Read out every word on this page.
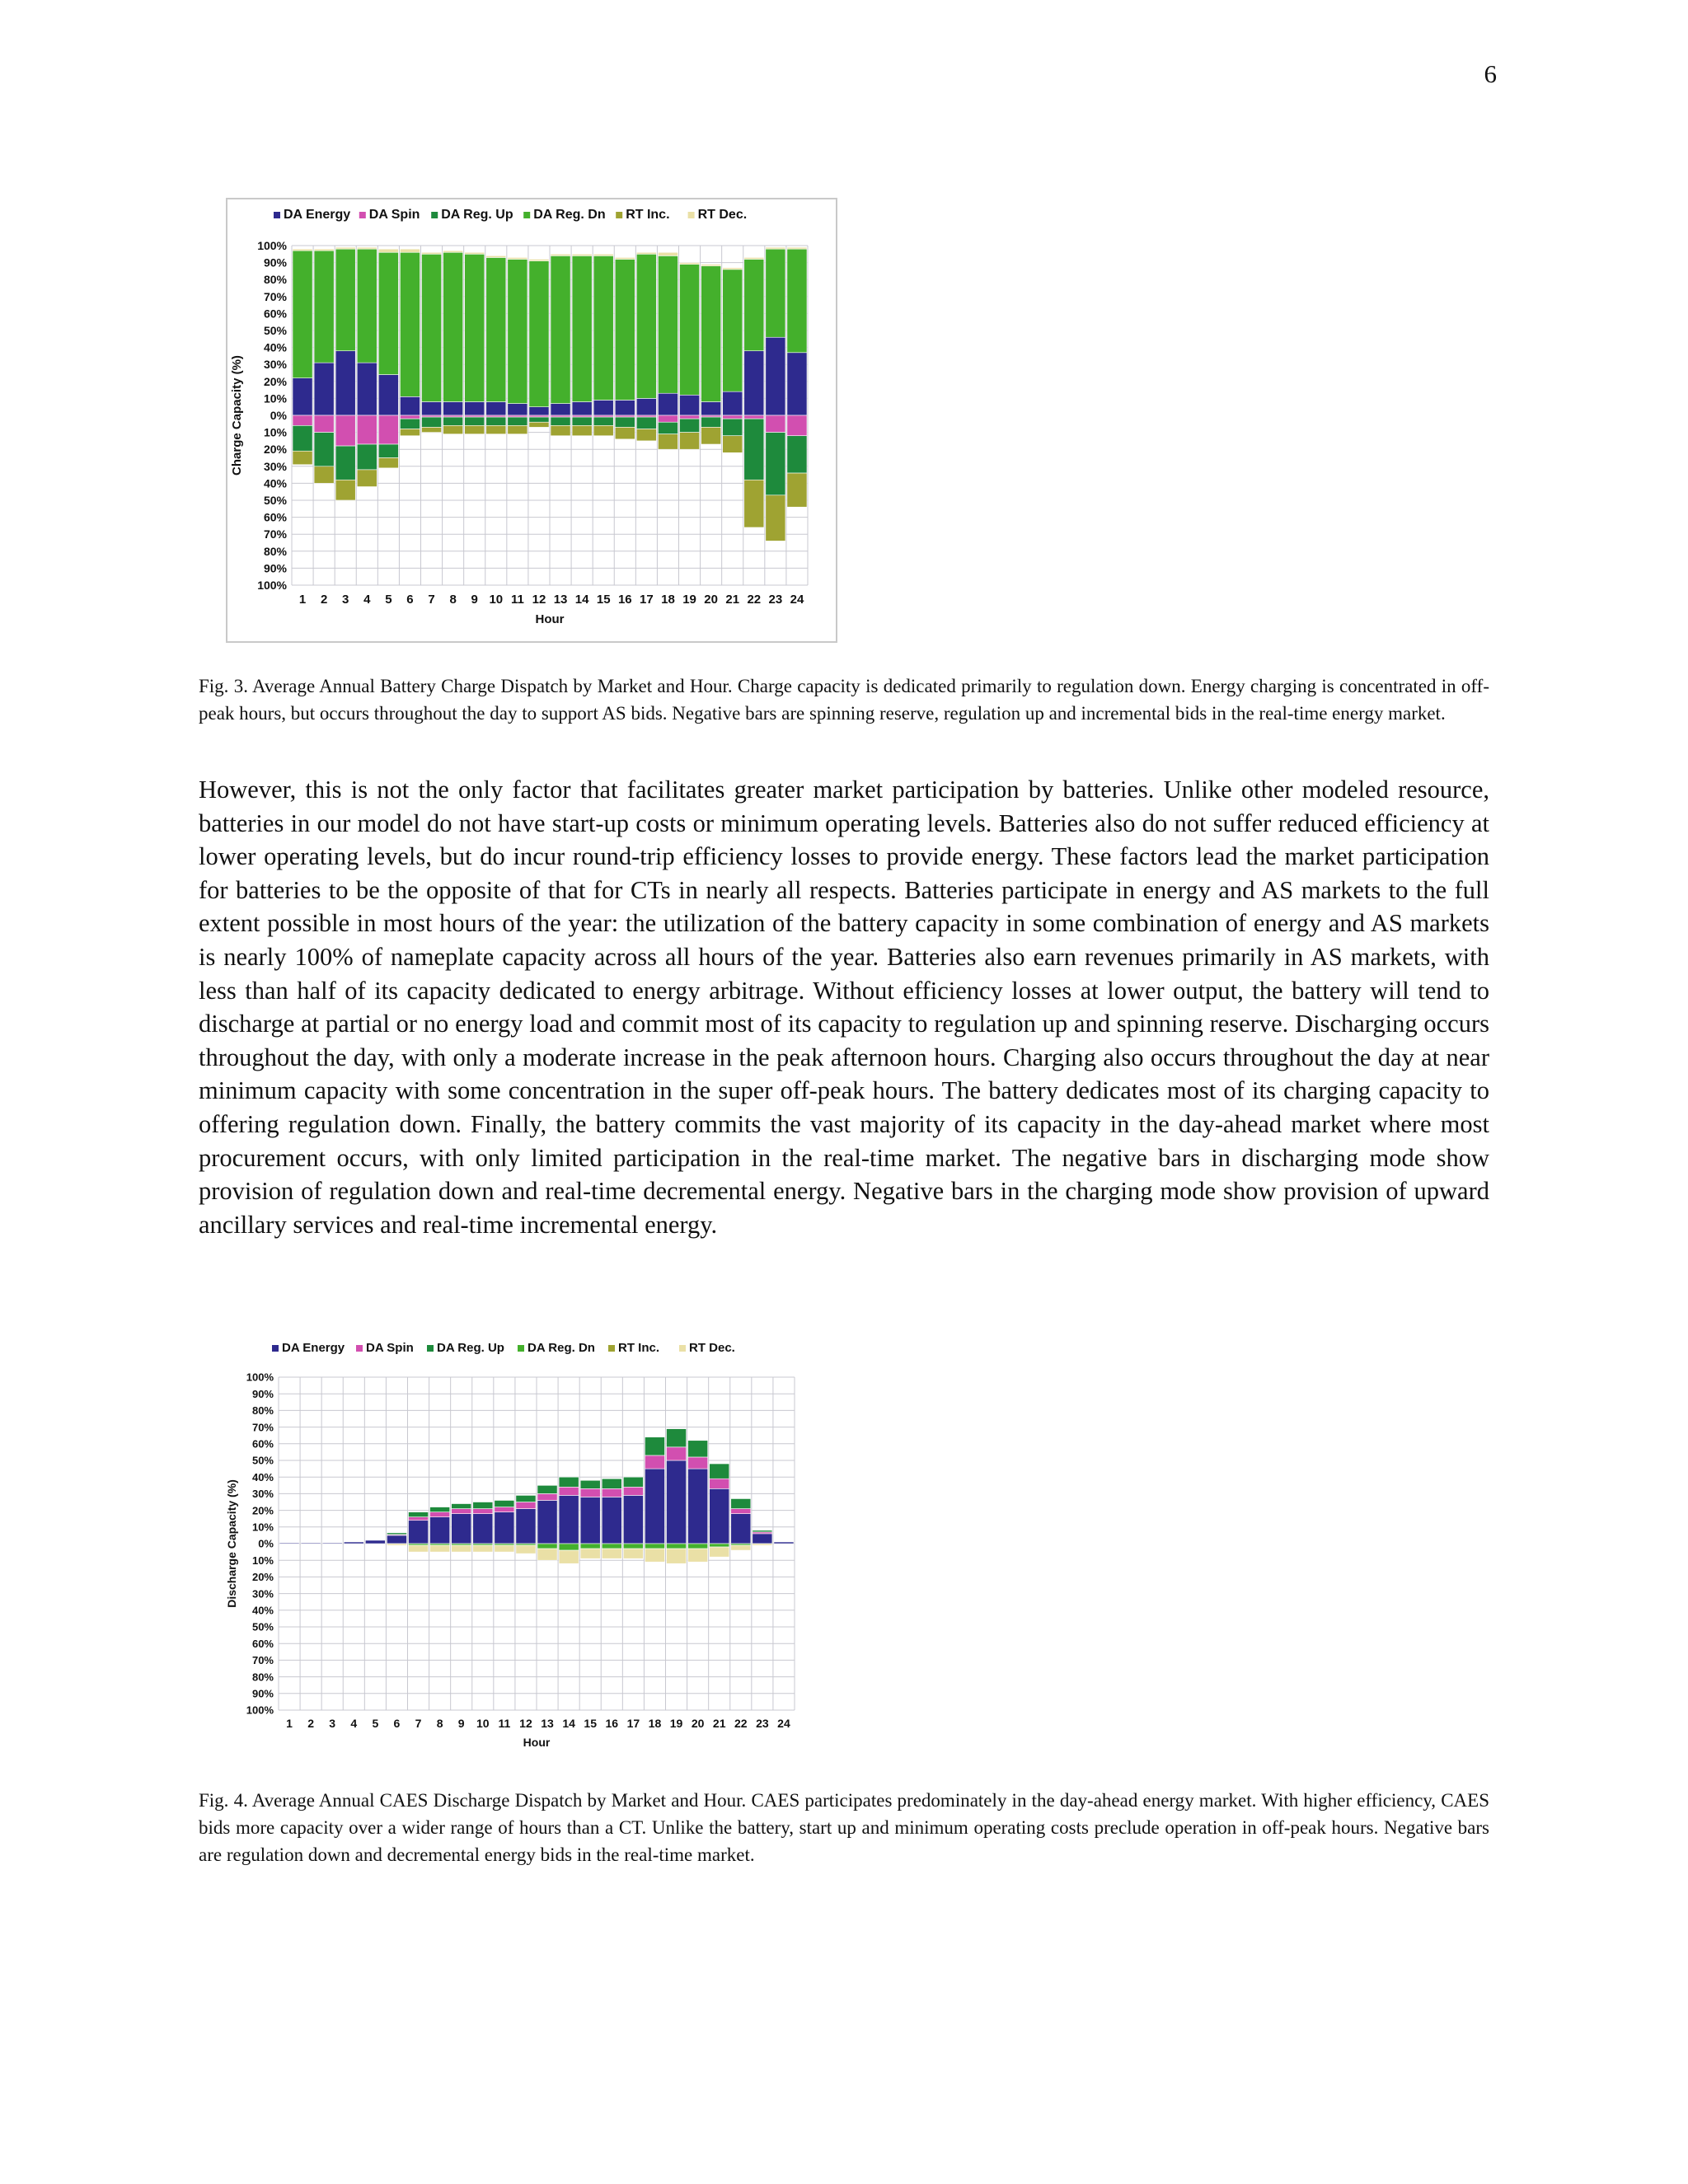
6
100%
90%
80%
70%
60%
50%
40%
30%
20%
10%
0%
10%
20%
30%
40%
50%
60%
70%
80%
90%
100%
1 2 3 4 5 6 7 8 9 10 11 12 13 14 15 16 17 18 19 20 21 22 23 24
Hour
Charge Capacity (%)
DA Energy DA Spin DA Reg. Up DA Reg. Dn RT Inc. RT Dec.
Fig. 3. Average Annual Battery Charge Dispatch by Market and Hour. Charge capacity is dedicated primarily to regulation down. Energy charging is concentrated in off-peak hours, but occurs throughout the day to support AS bids. Negative bars are spinning reserve, regulation up and incremental bids in the real-time energy market.

However, this is not the only factor that facilitates greater market participation by batteries. Unlike other modeled resource, batteries in our model do not have start-up costs or minimum operating levels. Batteries also do not suffer reduced efficiency at lower operating levels, but do incur round-trip efficiency losses to provide energy. These factors lead the market participation for batteries to be the opposite of that for CTs in nearly all respects. Batteries participate in energy and AS markets to the full extent possible in most hours of the year: the utilization of the battery capacity in some combination of energy and AS markets is nearly 100% of nameplate capacity across all hours of the year. Batteries also earn revenues primarily in AS markets, with less than half of its capacity dedicated to energy arbitrage. Without efficiency losses at lower output, the battery will tend to discharge at partial or no energy load and commit most of its capacity to regulation up and spinning reserve. Discharging occurs throughout the day, with only a moderate increase in the peak afternoon hours. Charging also occurs throughout the day at near minimum capacity with some concentration in the super off-peak hours. The battery dedicates most of its charging capacity to offering regulation down. Finally, the battery commits the vast majority of its capacity in the day-ahead market where most procurement occurs, with only limited participation in the real-time market. The negative bars in discharging mode show provision of regulation down and real-time decremental energy. Negative bars in the charging mode show provision of upward ancillary services and real-time incremental energy.

100%
90%
80%
70%
60%
50%
40%
30%
20%
10%
0%
10%
20%
30%
40%
50%
60%
70%
80%
90%
100%
1 2 3 4 5 6 7 8 9 10 11 12 13 14 15 16 17 18 19 20 21 22 23 24
Hour
Discharge Capacity (%)
DA Energy DA Spin DA Reg. Up DA Reg. Dn RT Inc. RT Dec.
Fig. 4. Average Annual CAES Discharge Dispatch by Market and Hour. CAES participates predominately in the day-ahead energy market. With higher efficiency, CAES bids more capacity over a wider range of hours than a CT. Unlike the battery, start up and minimum operating costs preclude operation in off-peak hours. Negative bars are regulation down and decremental energy bids in the real-time market.
